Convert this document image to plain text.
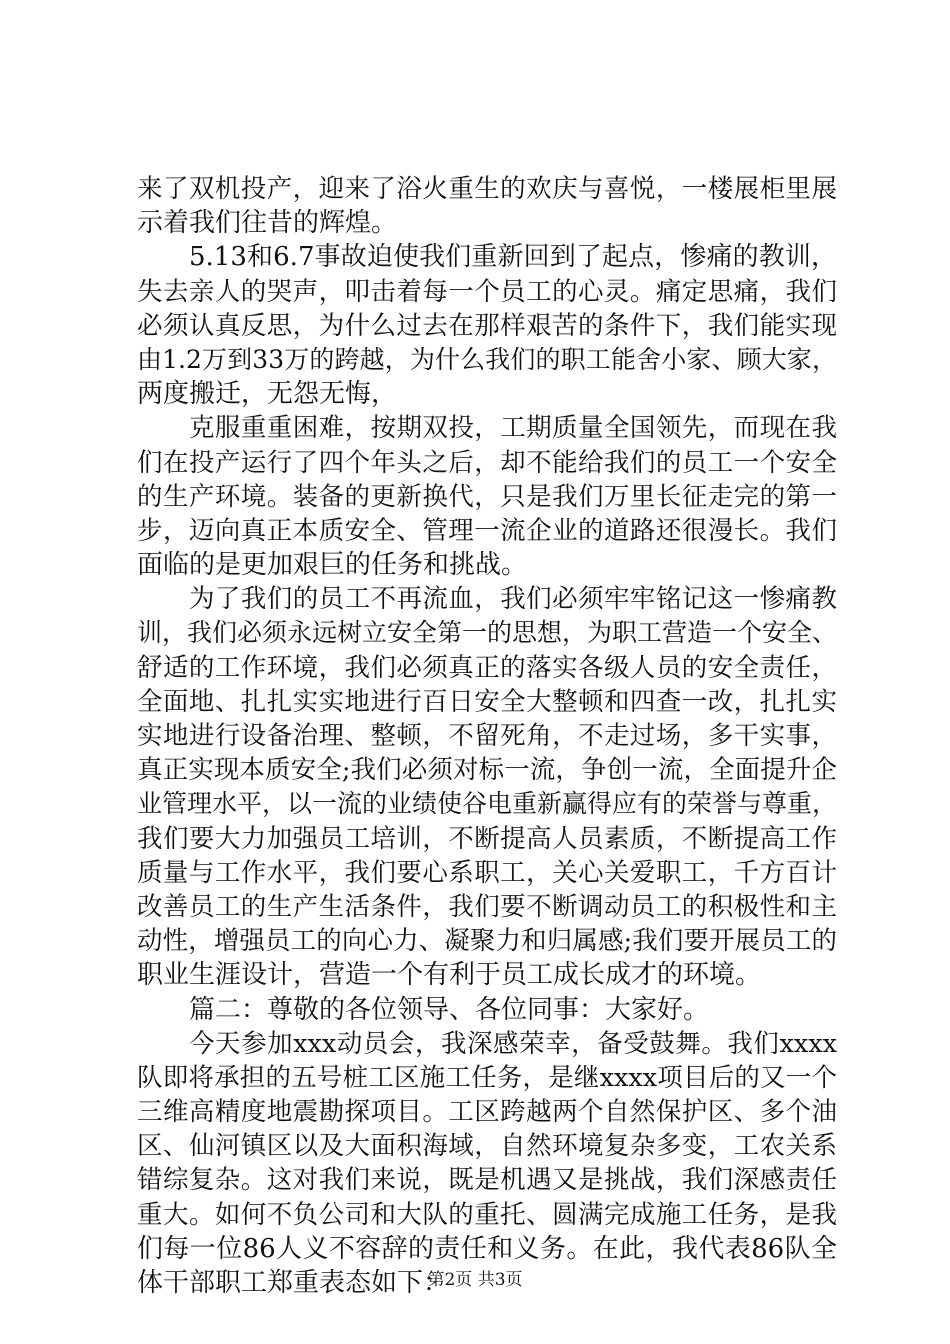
来了双机投产，迎来了浴火重生的欢庆与喜悦，一楼展柜里展
示着我们往昔的辉煌。
5.13和6.7事故迫使我们重新回到了起点，惨痛的教训，
失去亲人的哭声，叩击着每一个员工的心灵。痛定思痛，我们
必须认真反思，为什么过去在那样艰苦的条件下，我们能实现
由1.2万到33万的跨越，为什么我们的职工能舍小家、顾大家，
两度搬迁，无怨无悔，
克服重重困难，按期双投，工期质量全国领先，而现在我
们在投产运行了四个年头之后，却不能给我们的员工一个安全
的生产环境。装备的更新换代，只是我们万里长征走完的第一
步，迈向真正本质安全、管理一流企业的道路还很漫长。我们
面临的是更加艰巨的任务和挑战。
为了我们的员工不再流血，我们必须牢牢铭记这一惨痛教
训，我们必须永远树立安全第一的思想，为职工营造一个安全、
舒适的工作环境，我们必须真正的落实各级人员的安全责任，
全面地、扎扎实实地进行百日安全大整顿和四查一改，扎扎实
实地进行设备治理、整顿，不留死角，不走过场，多干实事，
真正实现本质安全;我们必须对标一流，争创一流，全面提升企
业管理水平，以一流的业绩使谷电重新赢得应有的荣誉与尊重，
我们要大力加强员工培训，不断提高人员素质，不断提高工作
质量与工作水平，我们要心系职工，关心关爱职工，千方百计
改善员工的生产生活条件，我们要不断调动员工的积极性和主
动性，增强员工的向心力、凝聚力和归属感;我们要开展员工的
职业生涯设计，营造一个有利于员工成长成才的环境。
篇二：尊敬的各位领导、各位同事：大家好。
今天参加xxx动员会，我深感荣幸，备受鼓舞。我们xxxx
队即将承担的五号桩工区施工任务，是继xxxx项目后的又一个
三维高精度地震勘探项目。工区跨越两个自然保护区、多个油
区、仙河镇区以及大面积海域，自然环境复杂多变，工农关系
错综复杂。这对我们来说，既是机遇又是挑战，我们深感责任
重大。如何不负公司和大队的重托、圆满完成施工任务，是我
们每一位86人义不容辞的责任和义务。在此，我代表86队全
体干部职工郑重表态如下：
第2页 共3页
